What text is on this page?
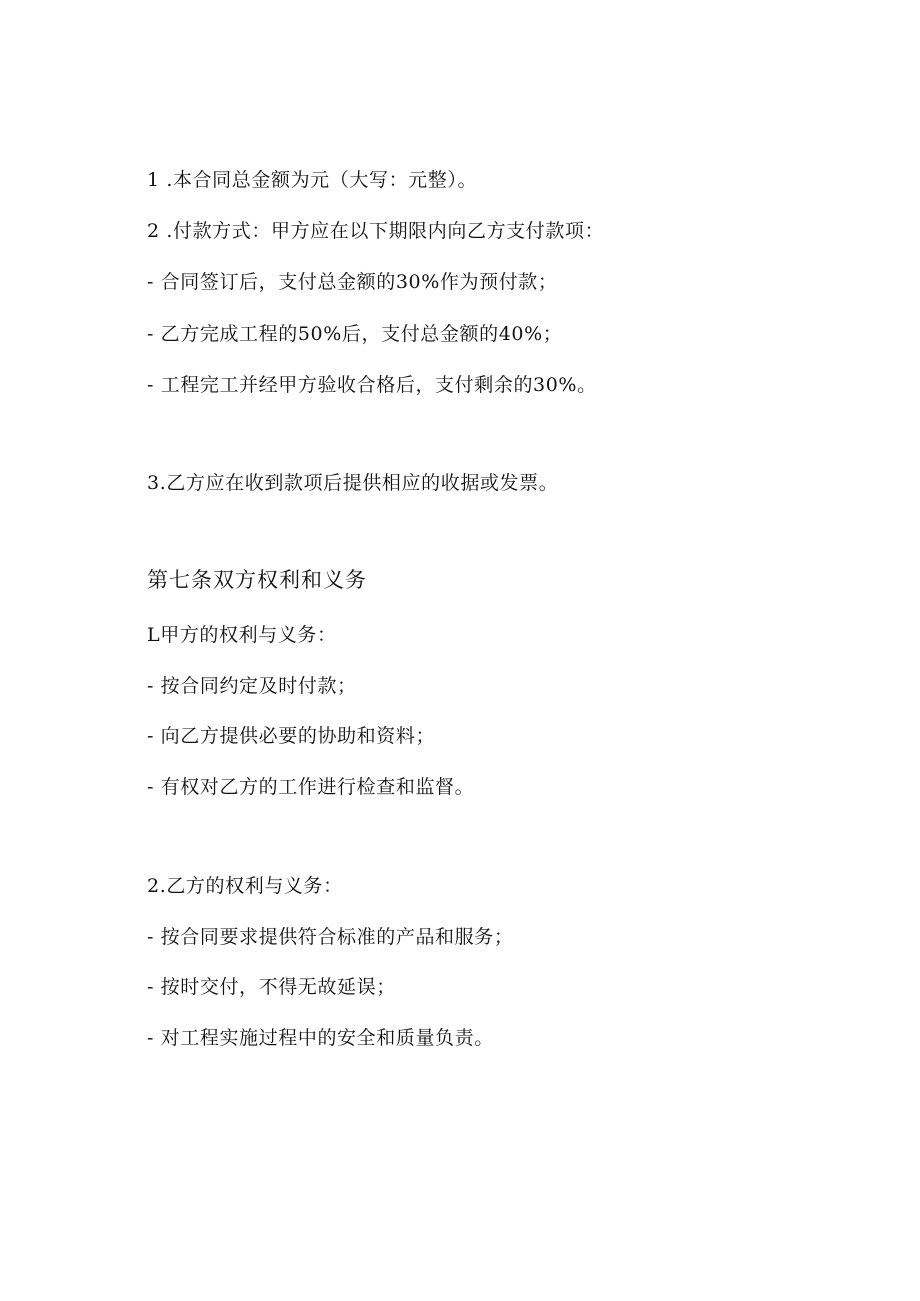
1 .本合同总金额为元（大写：元整）。
2 .付款方式：甲方应在以下期限内向乙方支付款项：
- 合同签订后，支付总金额的30%作为预付款；
- 乙方完成工程的50%后，支付总金额的40%；
- 工程完工并经甲方验收合格后，支付剩余的30%。
3.乙方应在收到款项后提供相应的收据或发票。
第七条双方权利和义务
L甲方的权利与义务：
- 按合同约定及时付款；
- 向乙方提供必要的协助和资料；
- 有权对乙方的工作进行检查和监督。
2.乙方的权利与义务：
- 按合同要求提供符合标准的产品和服务；
- 按时交付，不得无故延误；
- 对工程实施过程中的安全和质量负责。
